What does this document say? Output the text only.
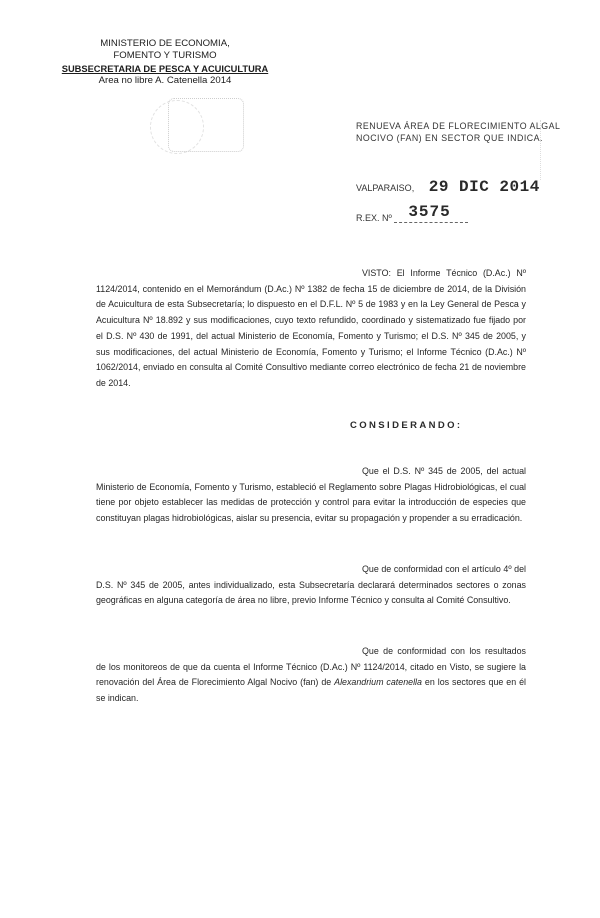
MINISTERIO DE ECONOMIA,
FOMENTO Y TURISMO
SUBSECRETARIA DE PESCA Y ACUICULTURA
Area no libre A. Catenella 2014
RENUEVA ÁREA DE FLORECIMIENTO ALGAL NOCIVO (FAN) EN SECTOR QUE INDICA.
VALPARAISO, 29 DIC 2014
R.EX. Nº 3575
VISTO: El Informe Técnico (D.Ac.) Nº 1124/2014, contenido en el Memorándum (D.Ac.) Nº 1382 de fecha 15 de diciembre de 2014, de la División de Acuicultura de esta Subsecretaría; lo dispuesto en el D.F.L. Nº 5 de 1983 y en la Ley General de Pesca y Acuicultura Nº 18.892 y sus modificaciones, cuyo texto refundido, coordinado y sistematizado fue fijado por el D.S. Nº 430 de 1991, del actual Ministerio de Economía, Fomento y Turismo; el D.S. Nº 345 de 2005, y sus modificaciones, del actual Ministerio de Economía, Fomento y Turismo; el Informe Técnico (D.Ac.) Nº 1062/2014, enviado en consulta al Comité Consultivo mediante correo electrónico de fecha 21 de noviembre de 2014.
CONSIDERANDO:
Que el D.S. Nº 345 de 2005, del actual Ministerio de Economía, Fomento y Turismo, estableció el Reglamento sobre Plagas Hidrobiológicas, el cual tiene por objeto establecer las medidas de protección y control para evitar la introducción de especies que constituyan plagas hidrobiológicas, aislar su presencia, evitar su propagación y propender a su erradicación.
Que de conformidad con el artículo 4º del D.S. Nº 345 de 2005, antes individualizado, esta Subsecretaría declarará determinados sectores o zonas geográficas en alguna categoría de área no libre, previo Informe Técnico y consulta al Comité Consultivo.
Que de conformidad con los resultados de los monitoreos de que da cuenta el Informe Técnico (D.Ac.) Nº 1124/2014, citado en Visto, se sugiere la renovación del Área de Florecimiento Algal Nocivo (fan) de Alexandrium catenella en los sectores que en él se indican.
